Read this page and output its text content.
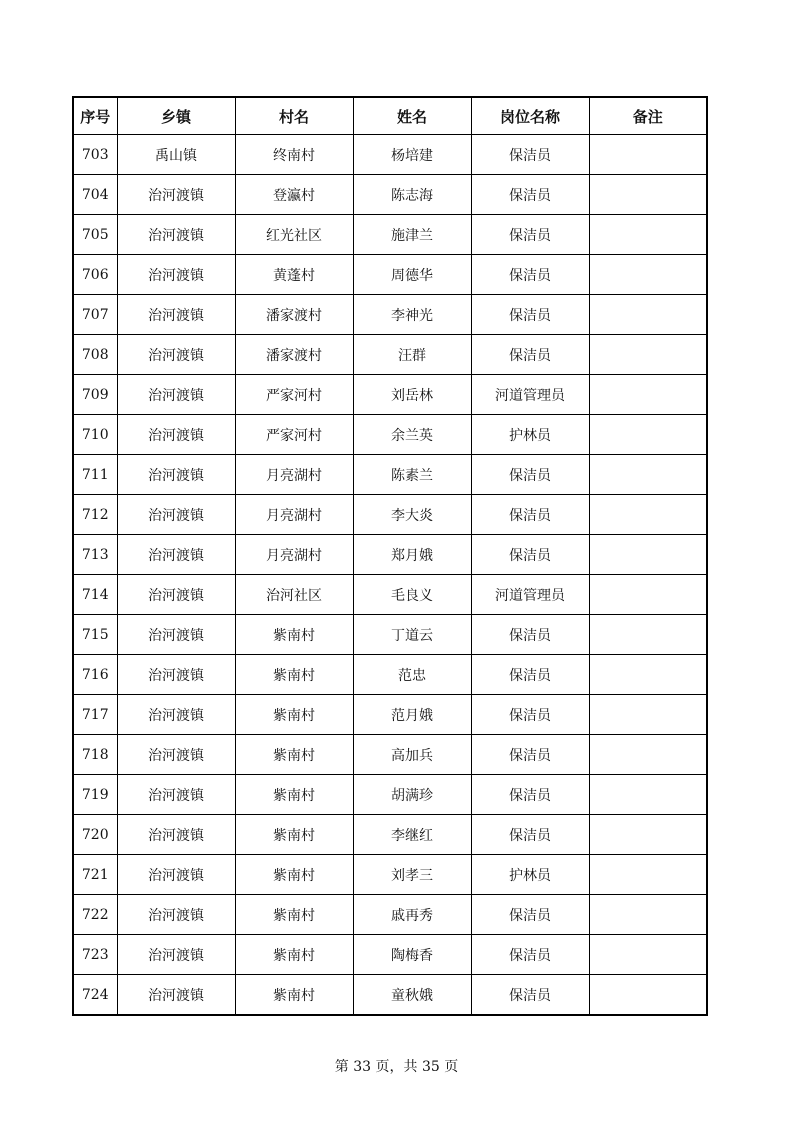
序号	乡镇	村名	姓名	岗位名称	备注
703	禹山镇	终南村	杨培建	保洁员	
704	治河渡镇	登瀛村	陈志海	保洁员	
705	治河渡镇	红光社区	施津兰	保洁员	
706	治河渡镇	黄蓬村	周德华	保洁员	
707	治河渡镇	潘家渡村	李神光	保洁员	
708	治河渡镇	潘家渡村	汪群	保洁员	
709	治河渡镇	严家河村	刘岳林	河道管理员	
710	治河渡镇	严家河村	余兰英	护林员	
711	治河渡镇	月亮湖村	陈素兰	保洁员	
712	治河渡镇	月亮湖村	李大炎	保洁员	
713	治河渡镇	月亮湖村	郑月娥	保洁员	
714	治河渡镇	治河社区	毛良义	河道管理员	
715	治河渡镇	紫南村	丁道云	保洁员	
716	治河渡镇	紫南村	范忠	保洁员	
717	治河渡镇	紫南村	范月娥	保洁员	
718	治河渡镇	紫南村	高加兵	保洁员	
719	治河渡镇	紫南村	胡满珍	保洁员	
720	治河渡镇	紫南村	李继红	保洁员	
721	治河渡镇	紫南村	刘孝三	护林员	
722	治河渡镇	紫南村	戚再秀	保洁员	
723	治河渡镇	紫南村	陶梅香	保洁员	
724	治河渡镇	紫南村	童秋娥	保洁员	
第 33 页，共 35 页
